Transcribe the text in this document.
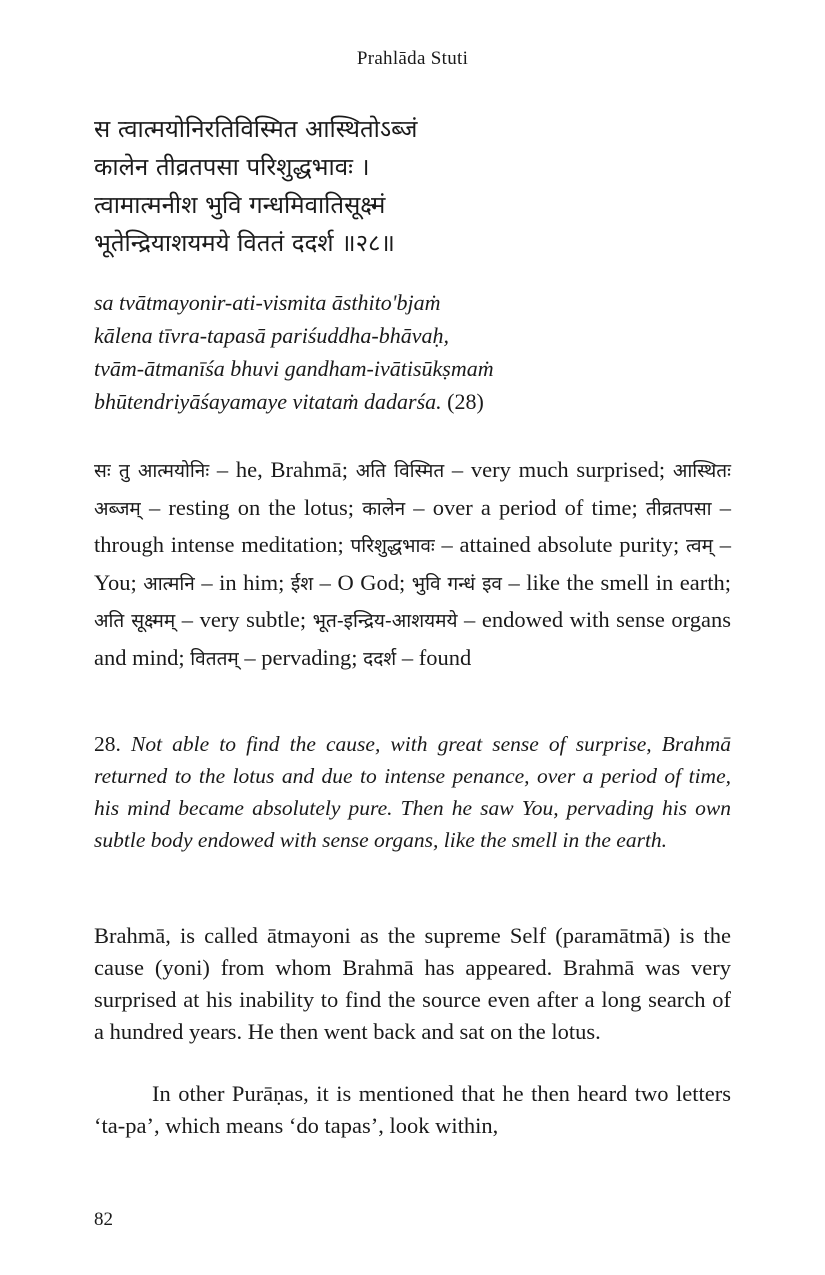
Prahlāda Stuti
स त्वात्मयोनिरतिविस्मित आस्थितोऽब्जं
कालेन तीव्रतपसा परिशुद्धभावः ।
त्वामात्मनीश भुवि गन्धमिवातिसूक्ष्मं
भूतेन्द्रियाशयमये विततं ददर्श ॥२८॥
sa tvātmayonir-ati-vismita āsthito'bjaṁ
kālena tīvra-tapasā pariśuddha-bhāvaḥ,
tvām-ātmanīśa bhuvi gandham-ivātisūkṣmaṁ
bhūtendriyāśayamaye vitataṁ dadarśa. (28)
सः तु आत्मयोनिः – he, Brahmā; अति विस्मित – very much surprised; आस्थितः अब्जम् – resting on the lotus; कालेन – over a period of time; तीव्रतपसा – through intense meditation; परिशुद्धभावः – attained absolute purity; त्वम् – You; आत्मनि – in him; ईश – O God; भुवि गन्धं इव – like the smell in earth; अति सूक्ष्मम् – very subtle; भूत-इन्द्रिय-आशयमये – endowed with sense organs and mind; विततम् – pervading; ददर्श – found
28. Not able to find the cause, with great sense of surprise, Brahmā returned to the lotus and due to intense penance, over a period of time, his mind became absolutely pure. Then he saw You, pervading his own subtle body endowed with sense organs, like the smell in the earth.

Brahmā, is called ātmayoni as the supreme Self (paramātmā) is the cause (yoni) from whom Brahmā has appeared. Brahmā was very surprised at his inability to find the source even after a long search of a hundred years. He then went back and sat on the lotus.

In other Purāṇas, it is mentioned that he then heard two letters ‘ta-pa’, which means ‘do tapas’, look within,

82
